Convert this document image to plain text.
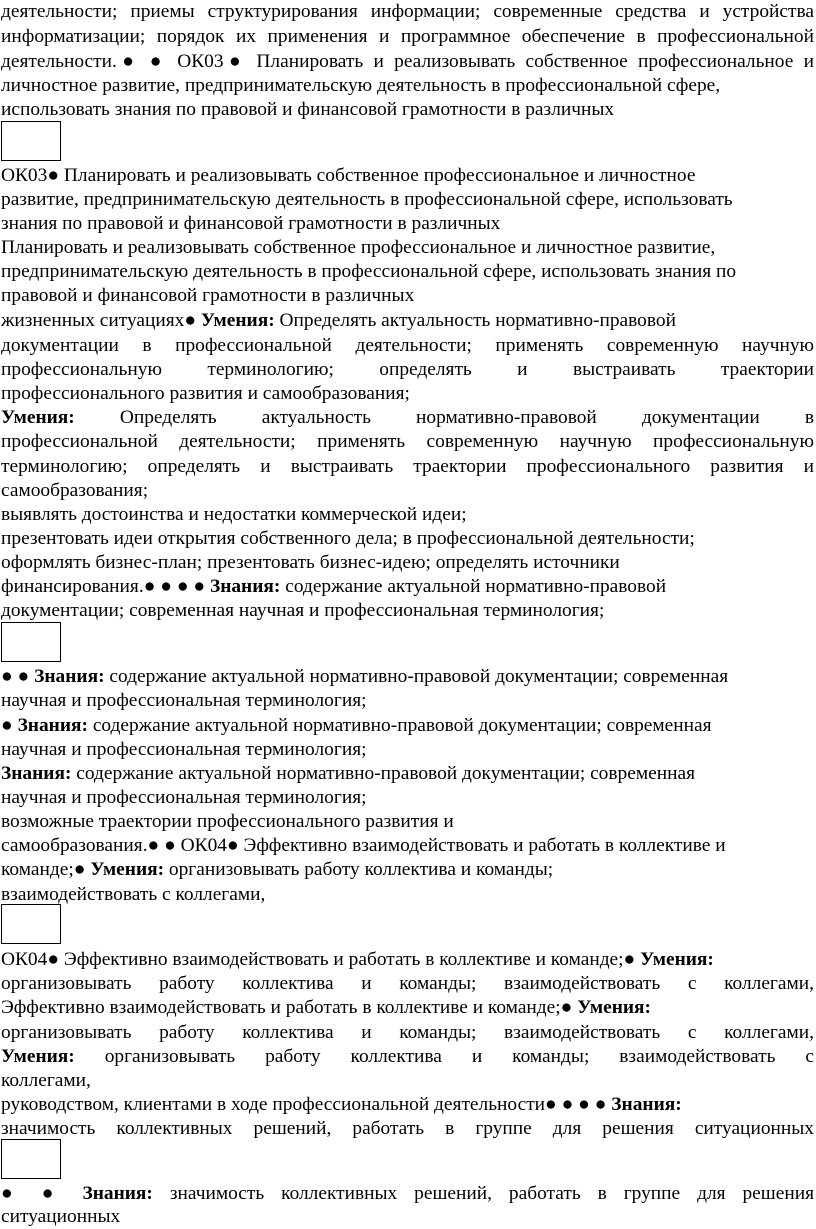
деятельности; приемы структурирования информации; современные средства и устройства
информатизации; порядок их применения и программное обеспечение в профессиональной
деятельности.● ● ОК03● Планировать и реализовывать собственное профессиональное и
личностное развитие, предпринимательскую деятельность в профессиональной сфере,
использовать знания по правовой и финансовой грамотности в различных
ОК03● Планировать и реализовывать собственное профессиональное и личностное
развитие, предпринимательскую деятельность в профессиональной сфере, использовать
знания по правовой и финансовой грамотности в различных
Планировать и реализовывать собственное профессиональное и личностное развитие,
предпринимательскую деятельность в профессиональной сфере, использовать знания по
правовой и финансовой грамотности в различных
жизненных ситуациях● Умения: Определять актуальность нормативно-правовой
документации в профессиональной деятельности; применять современную научную
профессиональную терминологию; определять и выстраивать траектории
профессионального развития и самообразования;
Умения: Определять актуальность нормативно-правовой документации в
профессиональной деятельности; применять современную научную профессиональную
терминологию; определять и выстраивать траектории профессионального развития и
самообразования;
выявлять достоинства и недостатки коммерческой идеи;
презентовать идеи открытия собственного дела; в профессиональной деятельности;
оформлять бизнес-план; презентовать бизнес-идею; определять источники
финансирования.● ● ● ● Знания: содержание актуальной нормативно-правовой
документации; современная научная и профессиональная терминология;
● ● Знания: содержание актуальной нормативно-правовой документации; современная
научная и профессиональная терминология;
● Знания: содержание актуальной нормативно-правовой документации; современная
научная и профессиональная терминология;
Знания: содержание актуальной нормативно-правовой документации; современная
научная и профессиональная терминология;
возможные траектории профессионального развития и
самообразования.● ● ОК04● Эффективно взаимодействовать и работать в коллективе и
команде;● Умения: организовывать работу коллектива и команды;
взаимодействовать с коллегами,
ОК04● Эффективно взаимодействовать и работать в коллективе и команде;● Умения:
организовывать работу коллектива и команды; взаимодействовать с коллегами,
Эффективно взаимодействовать и работать в коллективе и команде;● Умения:
организовывать работу коллектива и команды; взаимодействовать с коллегами,
Умения: организовывать работу коллектива и команды; взаимодействовать с
коллегами,
руководством, клиентами в ходе профессиональной деятельности● ● ● ● Знания:
значимость коллективных решений, работать в группе для решения ситуационных
● ● Знания: значимость коллективных решений, работать в группе для решения
ситуационных
